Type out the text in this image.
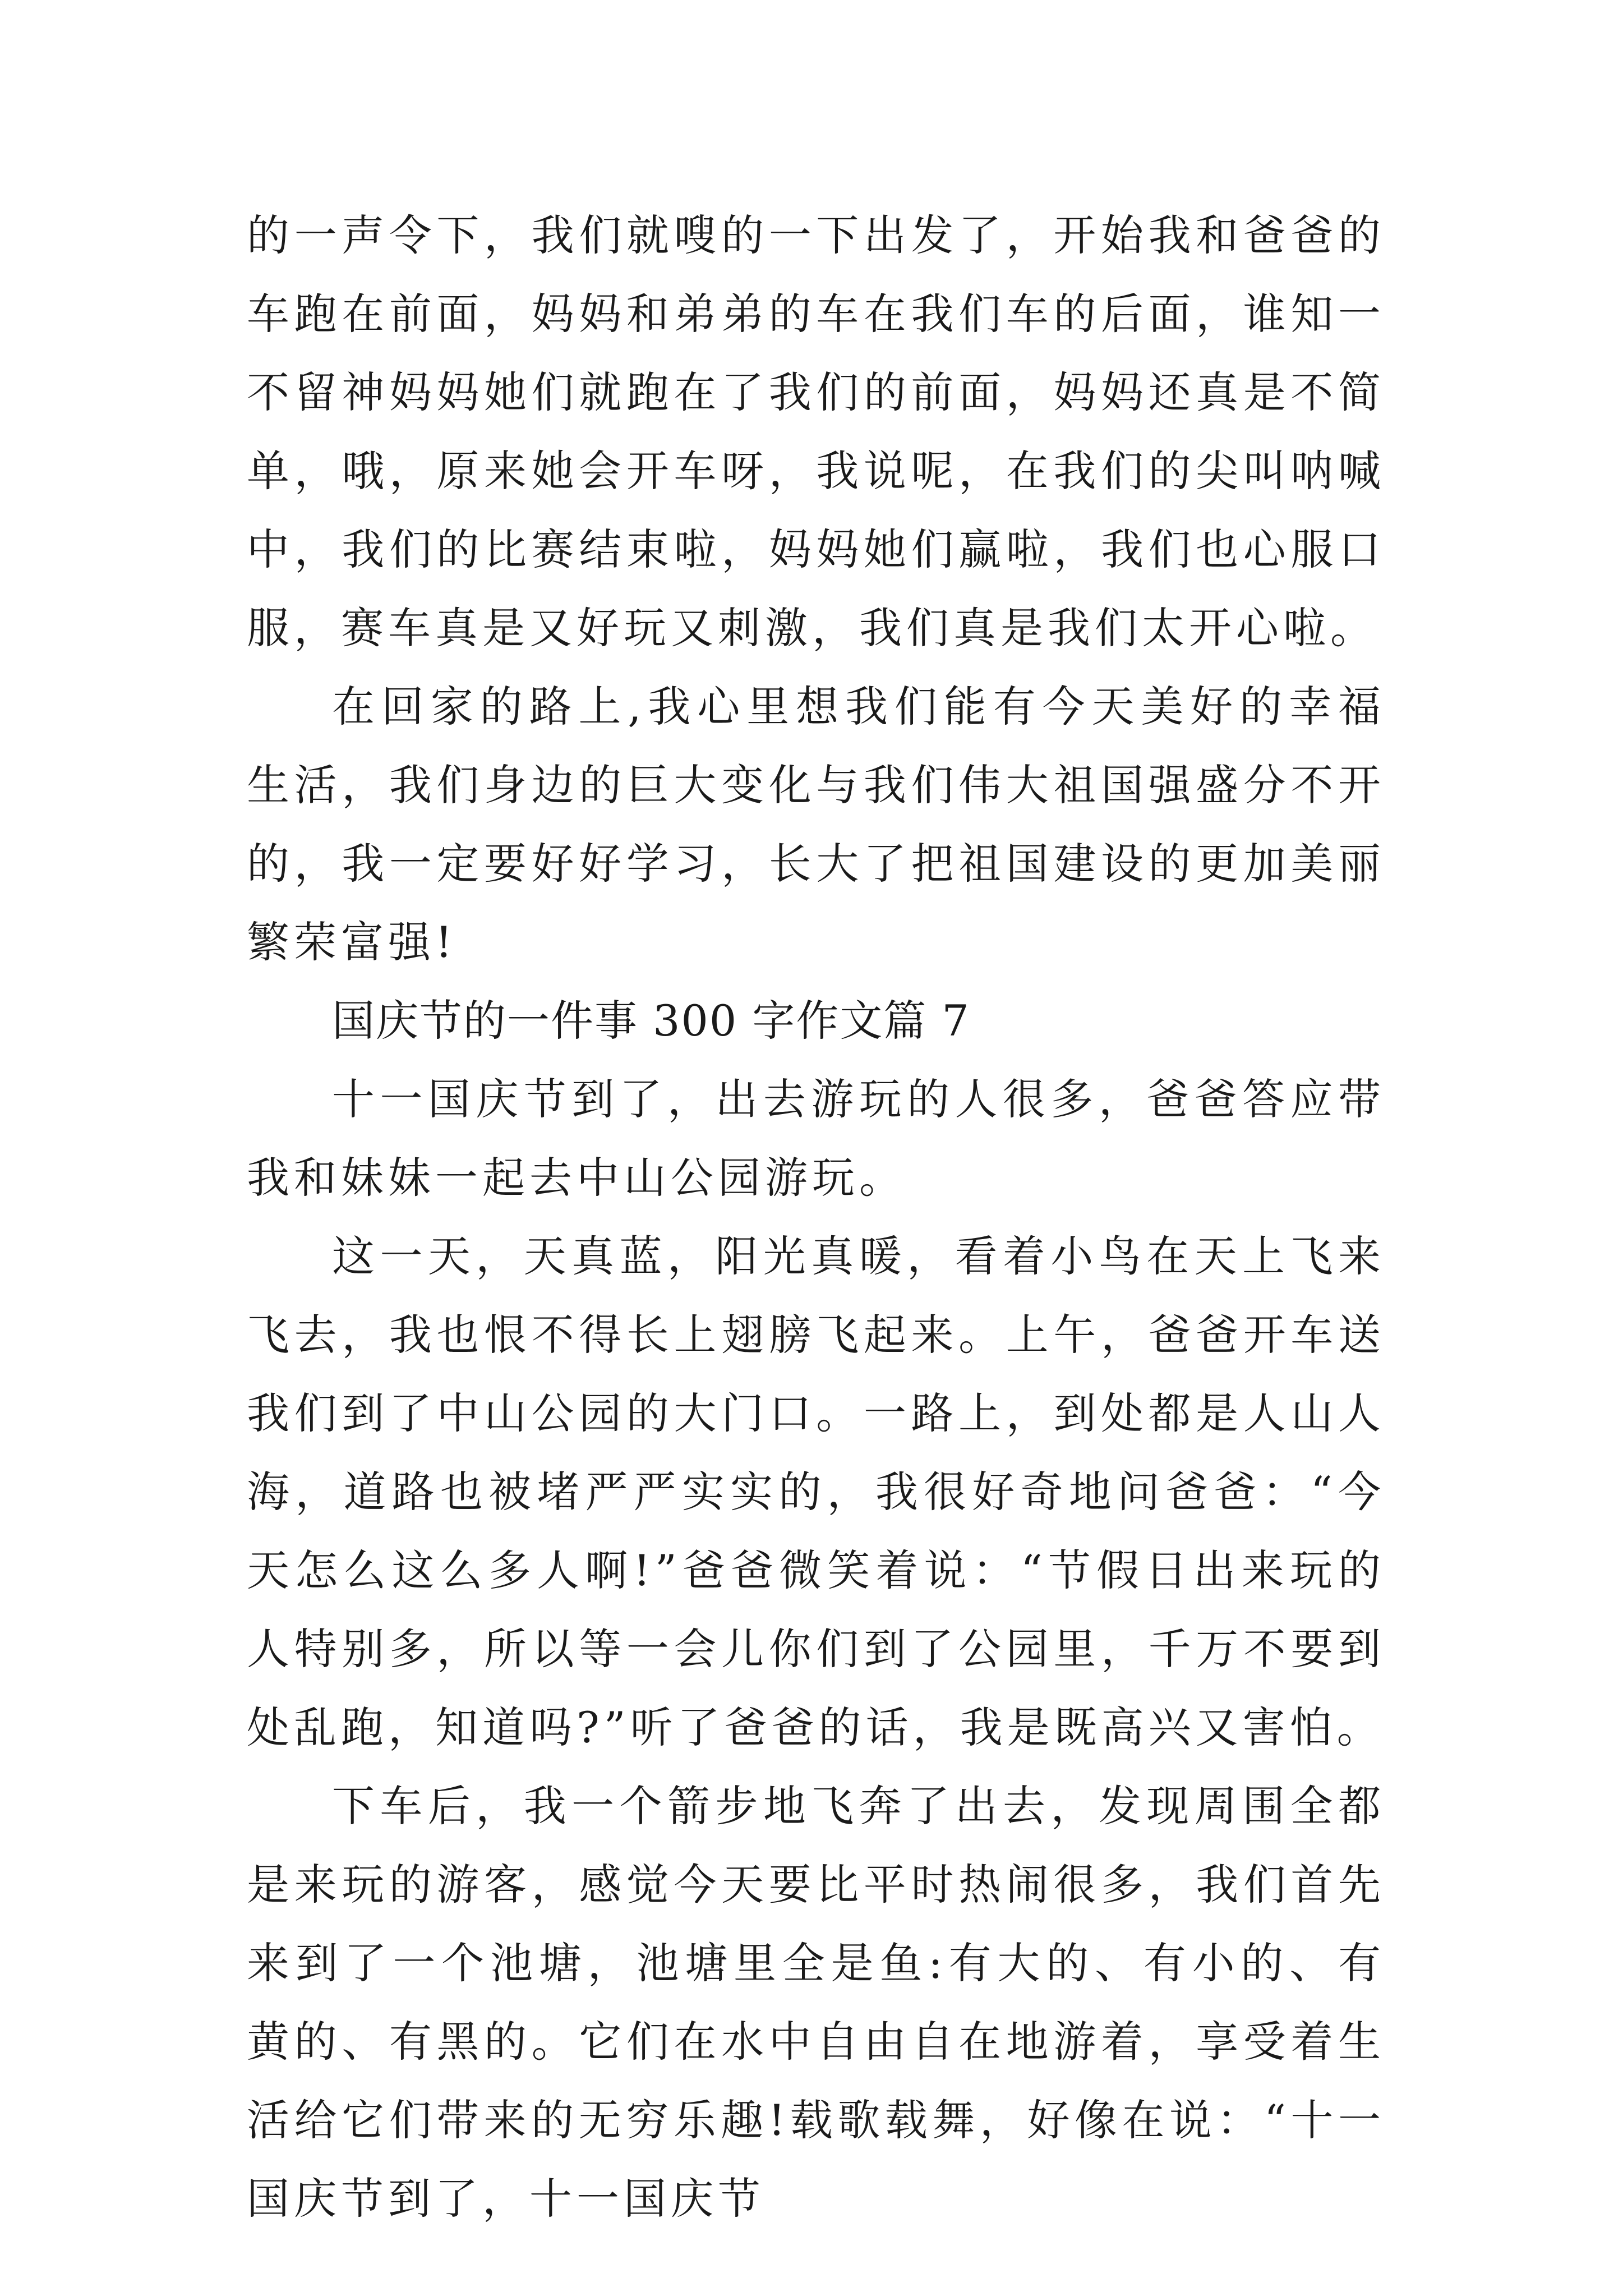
的一声令下，我们就嗖的一下出发了，开始我和爸爸的车跑在前面，妈妈和弟弟的车在我们车的后面，谁知一不留神妈妈她们就跑在了我们的前面，妈妈还真是不简单，哦，原来她会开车呀，我说呢，在我们的尖叫呐喊中，我们的比赛结束啦，妈妈她们赢啦，我们也心服口服，赛车真是又好玩又刺激，我们真是我们太开心啦。

在回家的路上,我心里想我们能有今天美好的幸福生活，我们身边的巨大变化与我们伟大祖国强盛分不开的，我一定要好好学习，长大了把祖国建设的更加美丽繁荣富强!

国庆节的一件事 300 字作文篇 7

十一国庆节到了，出去游玩的人很多，爸爸答应带我和妹妹一起去中山公园游玩。

这一天，天真蓝，阳光真暖，看着小鸟在天上飞来飞去，我也恨不得长上翅膀飞起来。上午，爸爸开车送我们到了中山公园的大门口。一路上，到处都是人山人海，道路也被堵严严实实的，我很好奇地问爸爸：“今天怎么这么多人啊!”爸爸微笑着说：“节假日出来玩的人特别多，所以等一会儿你们到了公园里，千万不要到处乱跑，知道吗?”听了爸爸的话，我是既高兴又害怕。

下车后，我一个箭步地飞奔了出去，发现周围全都是来玩的游客，感觉今天要比平时热闹很多，我们首先来到了一个池塘，池塘里全是鱼:有大的、有小的、有黄的、有黑的。它们在水中自由自在地游着，享受着生活给它们带来的无穷乐趣!载歌载舞，好像在说：“十一国庆节到了，十一国庆节
